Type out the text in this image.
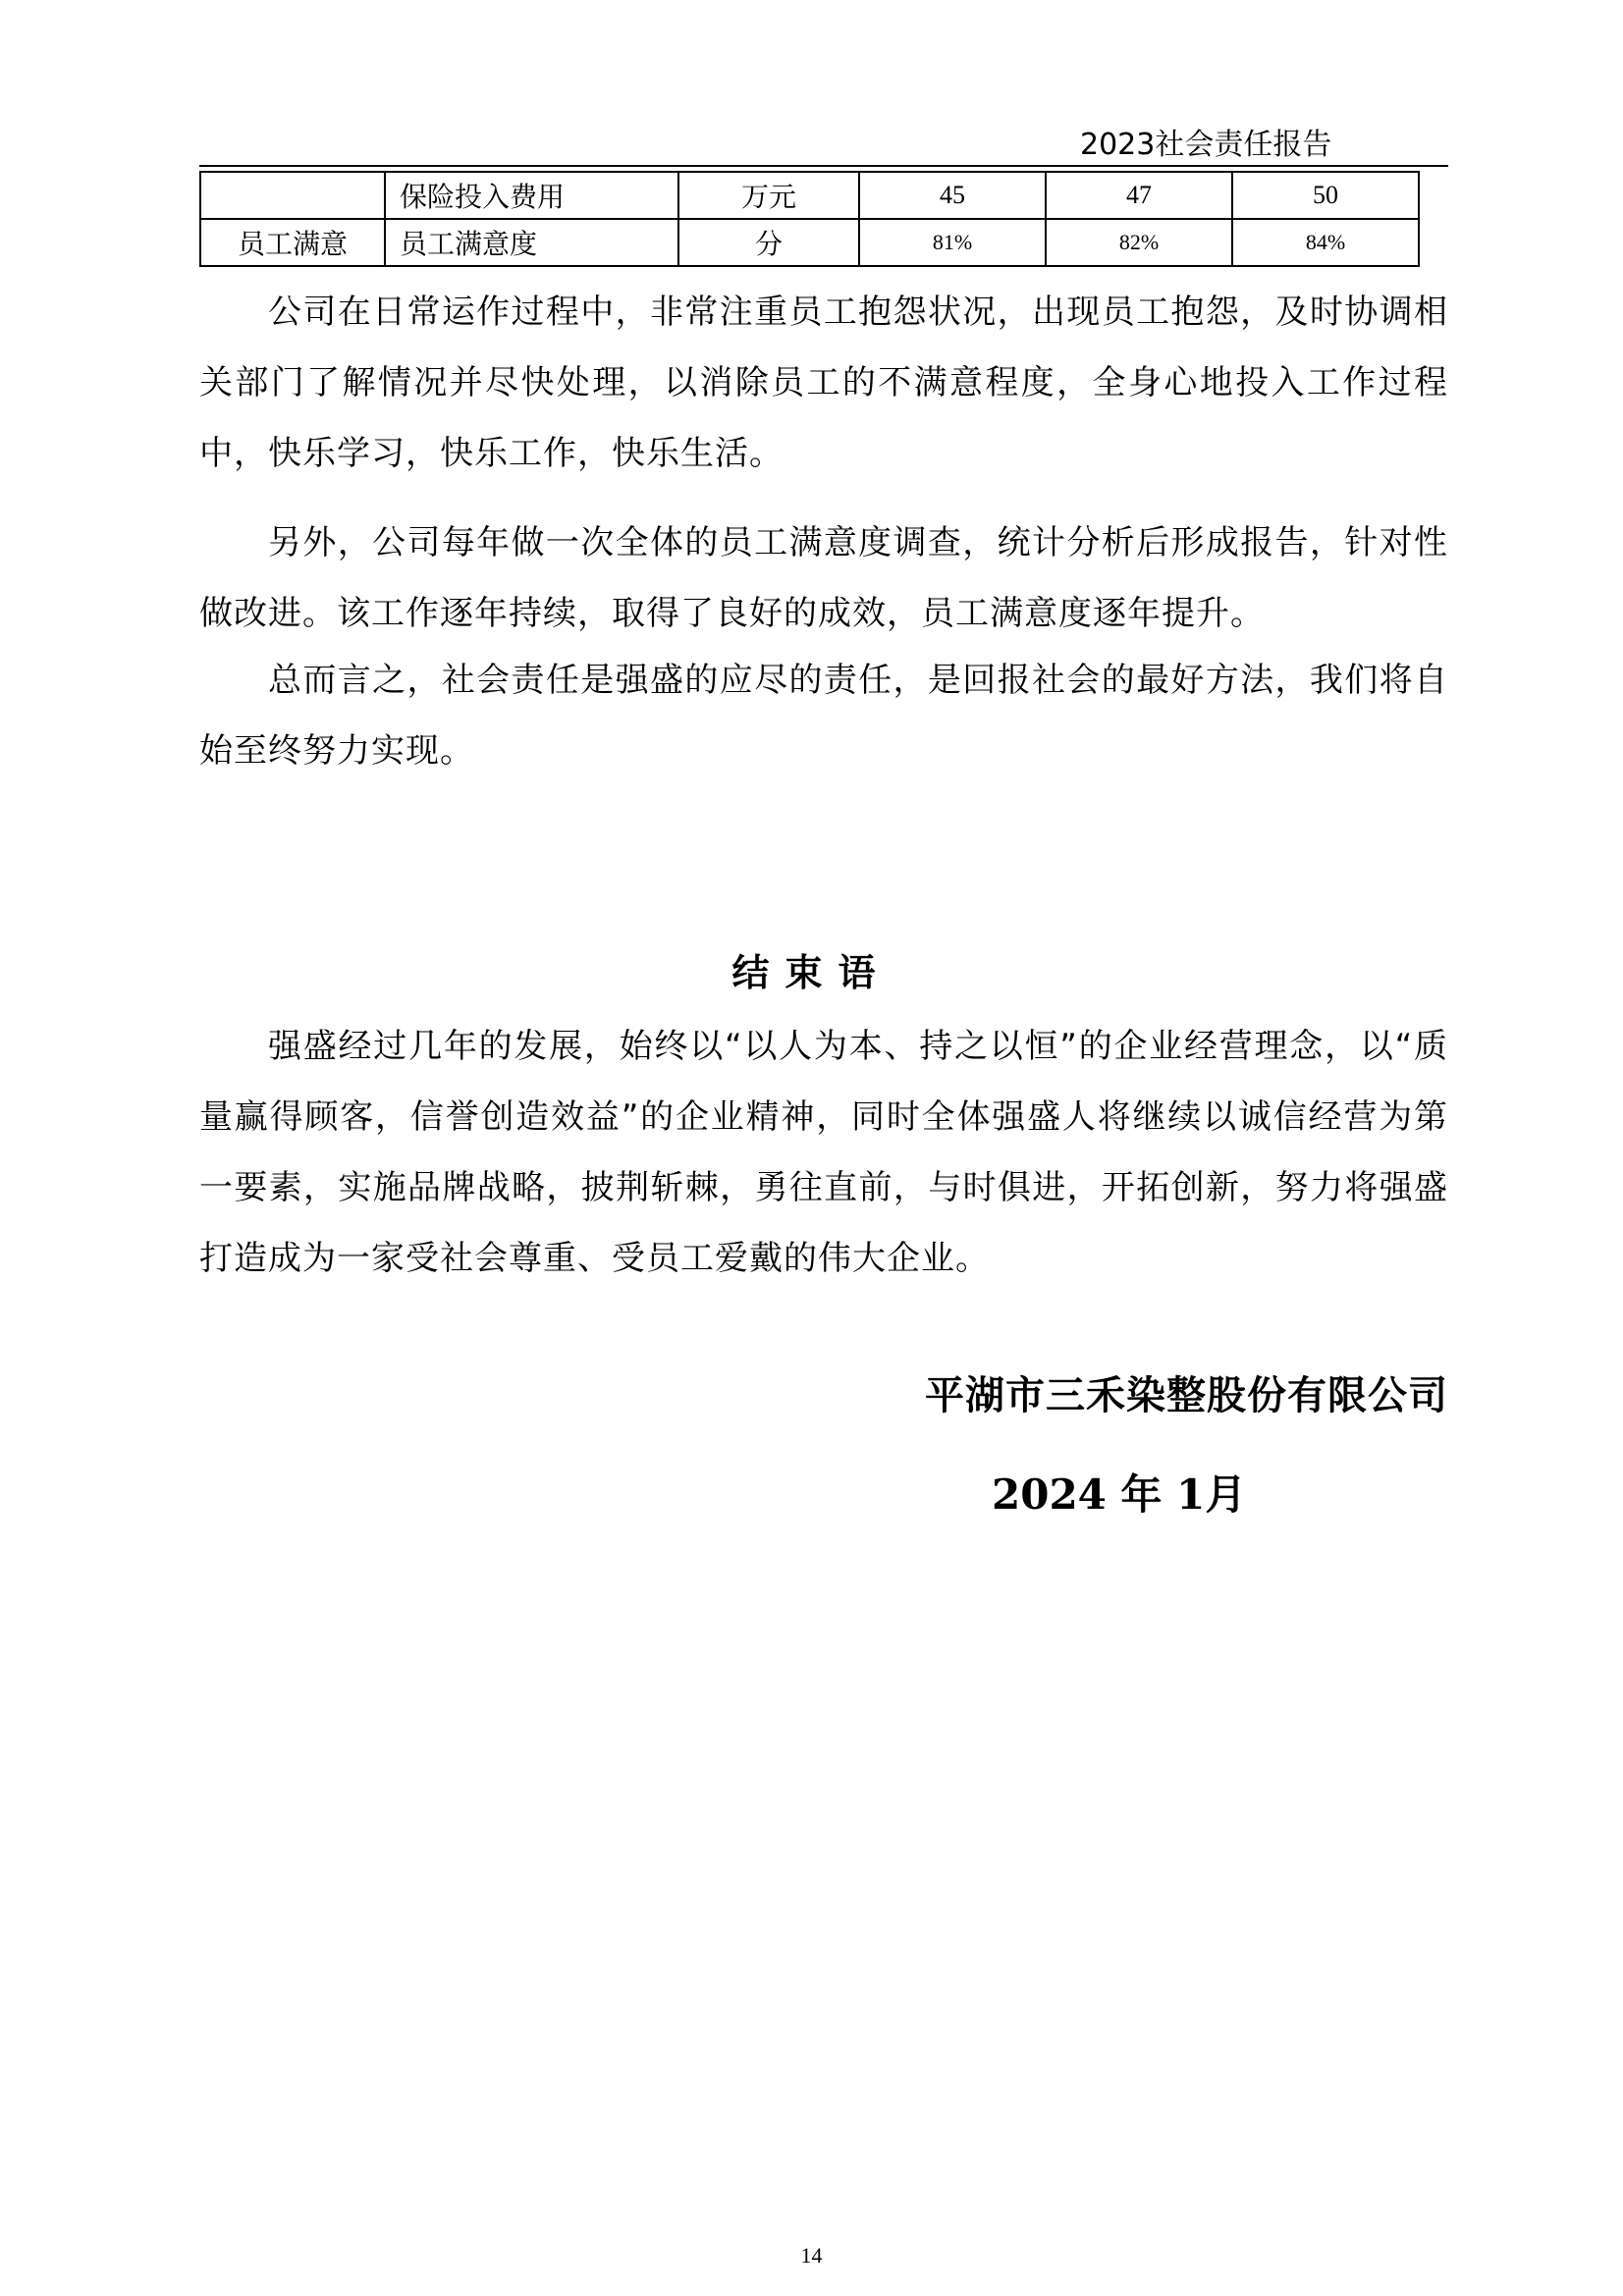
2023社会责任报告
	保险投入费用	万元	45	47	50
员工满意	员工满意度	分	81%	82%	84%

公司在日常运作过程中，非常注重员工抱怨状况，出现员工抱怨，及时协调相关部门了解情况并尽快处理，以消除员工的不满意程度，全身心地投入工作过程中，快乐学习，快乐工作，快乐生活。

另外，公司每年做一次全体的员工满意度调查，统计分析后形成报告，针对性做改进。该工作逐年持续，取得了良好的成效，员工满意度逐年提升。

总而言之，社会责任是强盛的应尽的责任，是回报社会的最好方法，我们将自始至终努力实现。

结束语

强盛经过几年的发展，始终以“以人为本、持之以恒”的企业经营理念，以“质量赢得顾客，信誉创造效益”的企业精神，同时全体强盛人将继续以诚信经营为第一要素，实施品牌战略，披荆斩棘，勇往直前，与时俱进，开拓创新，努力将强盛打造成为一家受社会尊重、受员工爱戴的伟大企业。

平湖市三禾染整股份有限公司
2024 年 1月
14
